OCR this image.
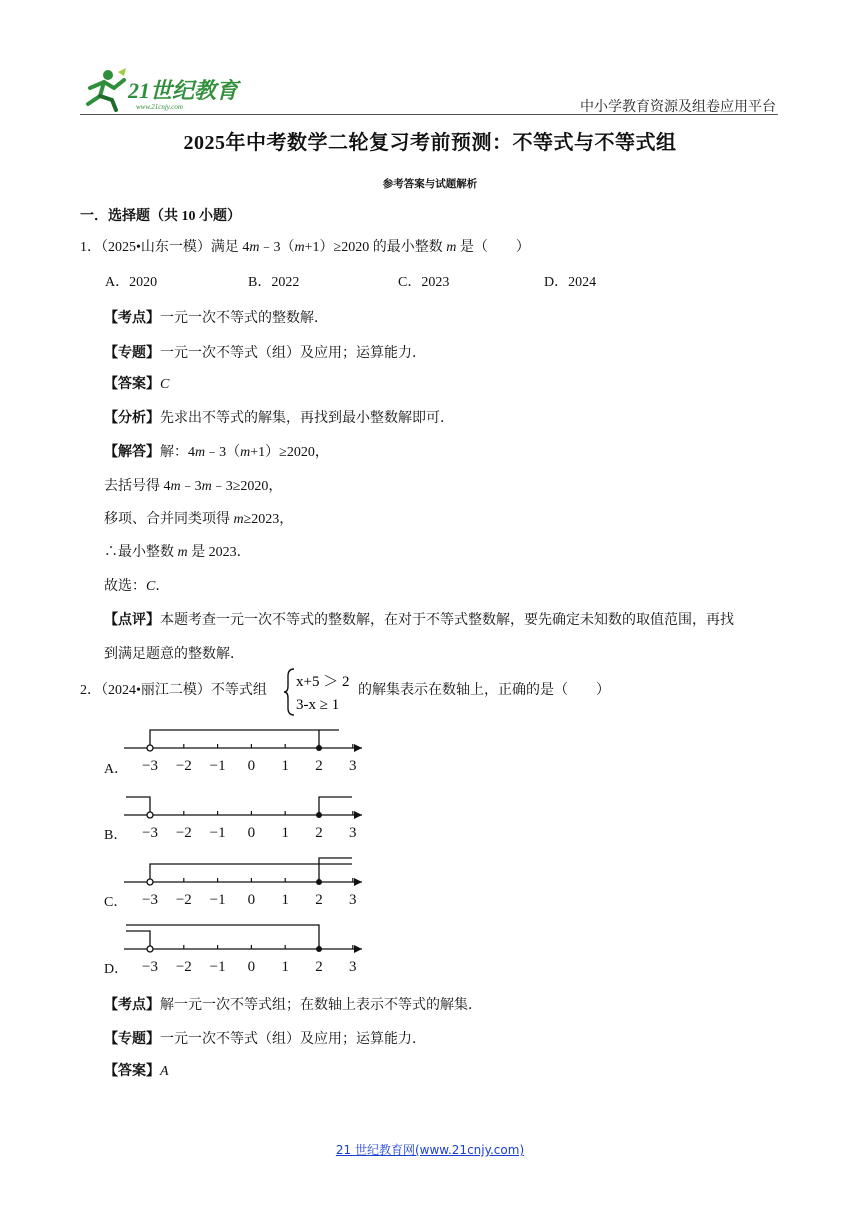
21世纪教育
www.21cnjy.com	中小学教育资源及组卷应用平台
2025年中考数学二轮复习考前预测：不等式与不等式组
参考答案与试题解析
一．选择题（共 10 小题）
1．（2025•山东一模）满足 4m﹣3（m+1）≥2020 的最小整数 m 是（　　）
A．2020	B．2022	C．2023	D．2024
【考点】一元一次不等式的整数解．
【专题】一元一次不等式（组）及应用；运算能力．
【答案】C
【分析】先求出不等式的解集，再找到最小整数解即可．
【解答】解：4m﹣3（m+1）≥2020，
去括号得 4m﹣3m﹣3≥2020，
移项、合并同类项得 m≥2023，
∴最小整数 m 是 2023．
故选：C．
【点评】本题考查一元一次不等式的整数解，在对于不等式整数解，要先确定未知数的取值范围，再找
到满足题意的整数解．
2．（2024•丽江二模）不等式组
x+5 ＞ 2
3-x ≥ 1
的解集表示在数轴上，正确的是（　　）
A．
B．
C．
D．
−3 −2 −1 0 1 2 3
−3 −2 −1 0 1 2 3
−3 −2 −1 0 1 2 3
−3 −2 −1 0 1 2 3
【考点】解一元一次不等式组；在数轴上表示不等式的解集．
【专题】一元一次不等式（组）及应用；运算能力．
【答案】A
21 世纪教育网(www.21cnjy.com)
